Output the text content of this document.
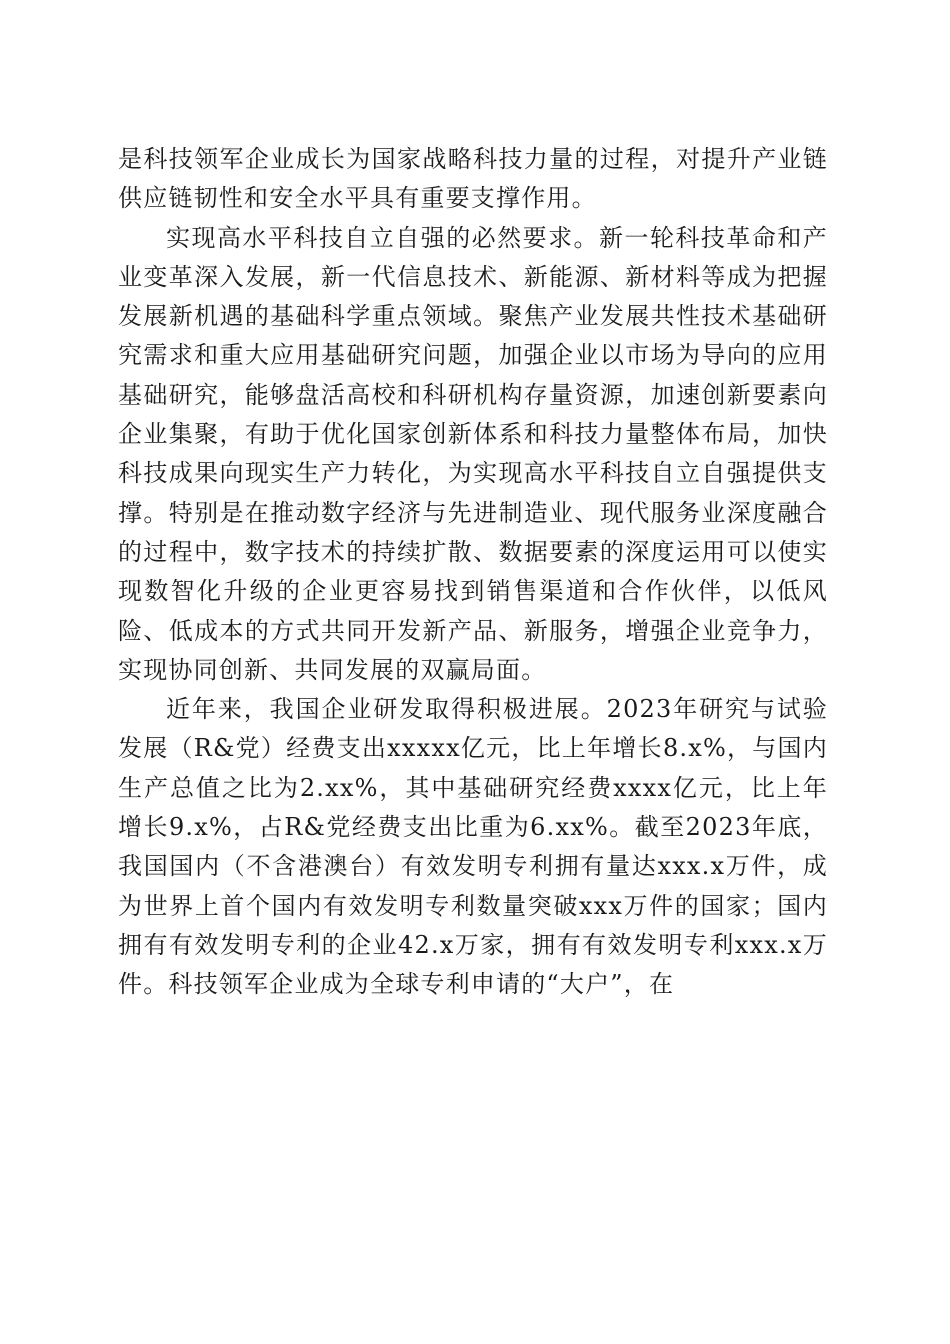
是科技领军企业成长为国家战略科技力量的过程，对提升产业链供应链韧性和安全水平具有重要支撑作用。

实现高水平科技自立自强的必然要求。新一轮科技革命和产业变革深入发展，新一代信息技术、新能源、新材料等成为把握发展新机遇的基础科学重点领域。聚焦产业发展共性技术基础研究需求和重大应用基础研究问题，加强企业以市场为导向的应用基础研究，能够盘活高校和科研机构存量资源，加速创新要素向企业集聚，有助于优化国家创新体系和科技力量整体布局，加快科技成果向现实生产力转化，为实现高水平科技自立自强提供支撑。特别是在推动数字经济与先进制造业、现代服务业深度融合的过程中，数字技术的持续扩散、数据要素的深度运用可以使实现数智化升级的企业更容易找到销售渠道和合作伙伴，以低风险、低成本的方式共同开发新产品、新服务，增强企业竞争力，实现协同创新、共同发展的双赢局面。

近年来，我国企业研发取得积极进展。2023年研究与试验发展（R&党）经费支出xxxxx亿元，比上年增长8.x%，与国内生产总值之比为2.xx%，其中基础研究经费xxxx亿元，比上年增长9.x%，占R&党经费支出比重为6.xx%。截至2023年底，我国国内（不含港澳台）有效发明专利拥有量达xxx.x万件，成为世界上首个国内有效发明专利数量突破xxx万件的国家；国内拥有有效发明专利的企业42.x万家，拥有有效发明专利xxx.x万件。科技领军企业成为全球专利申请的“大户”，在
